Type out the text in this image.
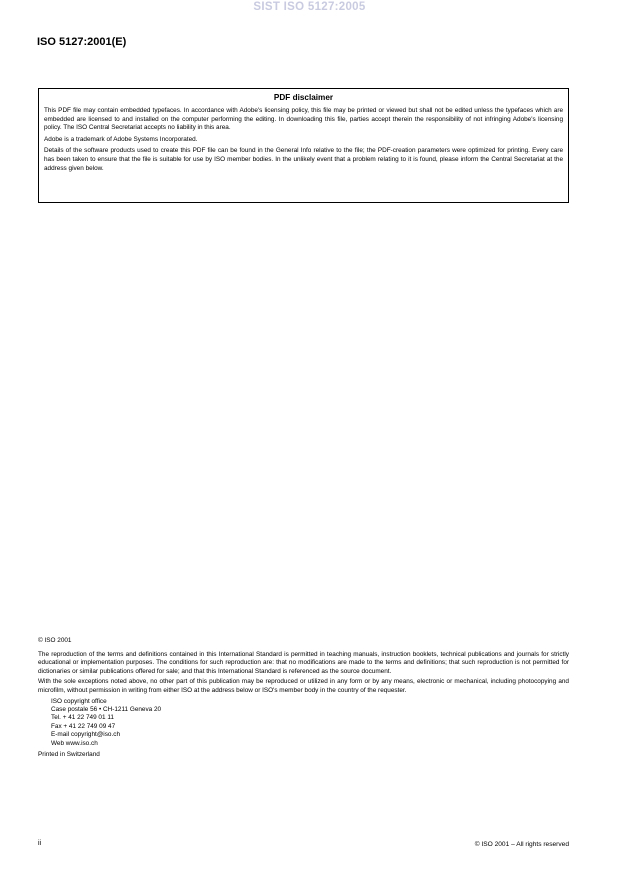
SIST ISO 5127:2005
ISO 5127:2001(E)
PDF disclaimer

This PDF file may contain embedded typefaces. In accordance with Adobe's licensing policy, this file may be printed or viewed but shall not be edited unless the typefaces which are embedded are licensed to and installed on the computer performing the editing. In downloading this file, parties accept therein the responsibility of not infringing Adobe's licensing policy. The ISO Central Secretariat accepts no liability in this area.

Adobe is a trademark of Adobe Systems Incorporated.

Details of the software products used to create this PDF file can be found in the General Info relative to the file; the PDF-creation parameters were optimized for printing. Every care has been taken to ensure that the file is suitable for use by ISO member bodies. In the unlikely event that a problem relating to it is found, please inform the Central Secretariat at the address given below.

© ISO 2001

The reproduction of the terms and definitions contained in this International Standard is permitted in teaching manuals, instruction booklets, technical publications and journals for strictly educational or implementation purposes. The conditions for such reproduction are: that no modifications are made to the terms and definitions; that such reproduction is not permitted for dictionaries or similar publications offered for sale; and that this International Standard is referenced as the source document.

With the sole exceptions noted above, no other part of this publication may be reproduced or utilized in any form or by any means, electronic or mechanical, including photocopying and microfilm, without permission in writing from either ISO at the address below or ISO's member body in the country of the requester.

ISO copyright office
Case postale 56 • CH-1211 Geneva 20
Tel. + 41 22 749 01 11
Fax + 41 22 749 09 47
E-mail copyright@iso.ch
Web www.iso.ch

Printed in Switzerland

ii	© ISO 2001 – All rights reserved
